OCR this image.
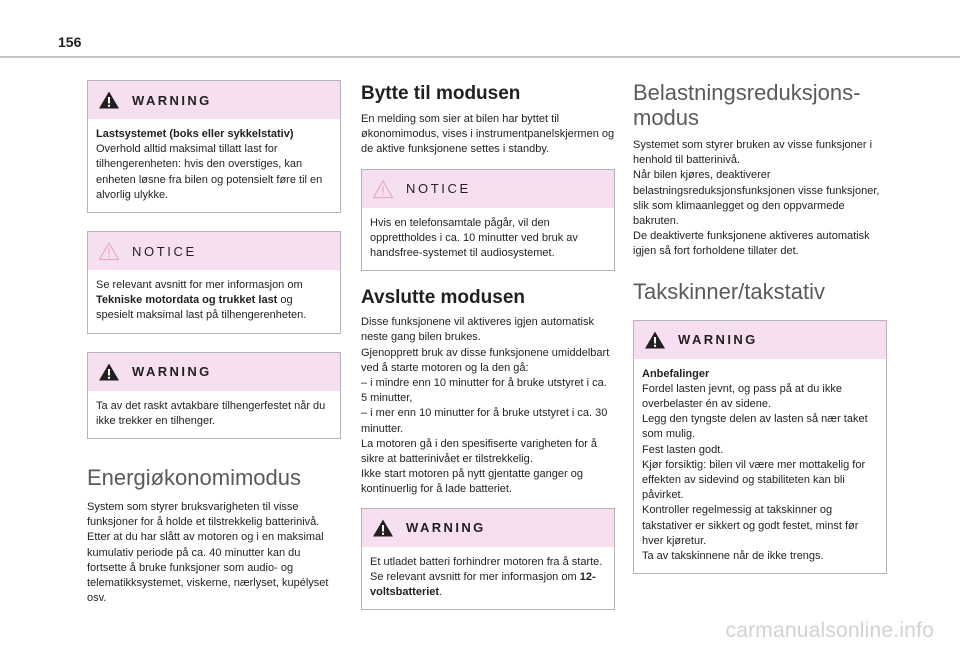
156
WARNING

Lastsystemet (boks eller sykkelstativ)

Overhold alltid maksimal tillatt last for tilhengerenheten: hvis den overstiges, kan enheten løsne fra bilen og potensielt føre til en alvorlig ulykke.

NOTICE

Se relevant avsnitt for mer informasjon om Tekniske motordata og trukket last og spesielt maksimal last på tilhengerenheten.

WARNING

Ta av det raskt avtakbare tilhengerfestet når du ikke trekker en tilhenger.

Energiøkonomimodus

System som styrer bruksvarigheten til visse funksjoner for å holde et tilstrekkelig batterinivå. Etter at du har slått av motoren og i en maksimal kumulativ periode på ca. 40 minutter kan du fortsette å bruke funksjoner som audio- og telematikksystemet, viskerne, nærlyset, kupélyset osv.

Bytte til modusen

En melding som sier at bilen har byttet til økonomimodus, vises i instrumentpanelskjermen og de aktive funksjonene settes i standby.

NOTICE

Hvis en telefonsamtale pågår, vil den opprettholdes i ca. 10 minutter ved bruk av handsfree-systemet til audiosystemet.

Avslutte modusen

Disse funksjonene vil aktiveres igjen automatisk neste gang bilen brukes.

Gjenopprett bruk av disse funksjonene umiddelbart ved å starte motoren og la den gå:

– i mindre enn 10 minutter for å bruke utstyret i ca. 5 minutter,

– i mer enn 10 minutter for å bruke utstyret i ca. 30 minutter.

La motoren gå i den spesifiserte varigheten for å sikre at batterinivået er tilstrekkelig.

Ikke start motoren på nytt gjentatte ganger og kontinuerlig for å lade batteriet.

WARNING

Et utladet batteri forhindrer motoren fra å starte.

Se relevant avsnitt for mer informasjon om 12-voltsbatteriet.

Belastningsreduksjons-modus

Systemet som styrer bruken av visse funksjoner i henhold til batterinivå.

Når bilen kjøres, deaktiverer belastningsreduksjonsfunksjonen visse funksjoner, slik som klimaanlegget og den oppvarmede bakruten.

De deaktiverte funksjonene aktiveres automatisk igjen så fort forholdene tillater det.

Takskinner/takstativ
WARNING

Anbefalinger

Fordel lasten jevnt, og pass på at du ikke overbelaster én av sidene.

Legg den tyngste delen av lasten så nær taket som mulig.

Fest lasten godt.

Kjør forsiktig: bilen vil være mer mottakelig for effekten av sidevind og stabiliteten kan bli påvirket.

Kontroller regelmessig at takskinner og takstativer er sikkert og godt festet, minst før hver kjøretur.

Ta av takskinnene når de ikke trengs.

carmanualsonline.info
